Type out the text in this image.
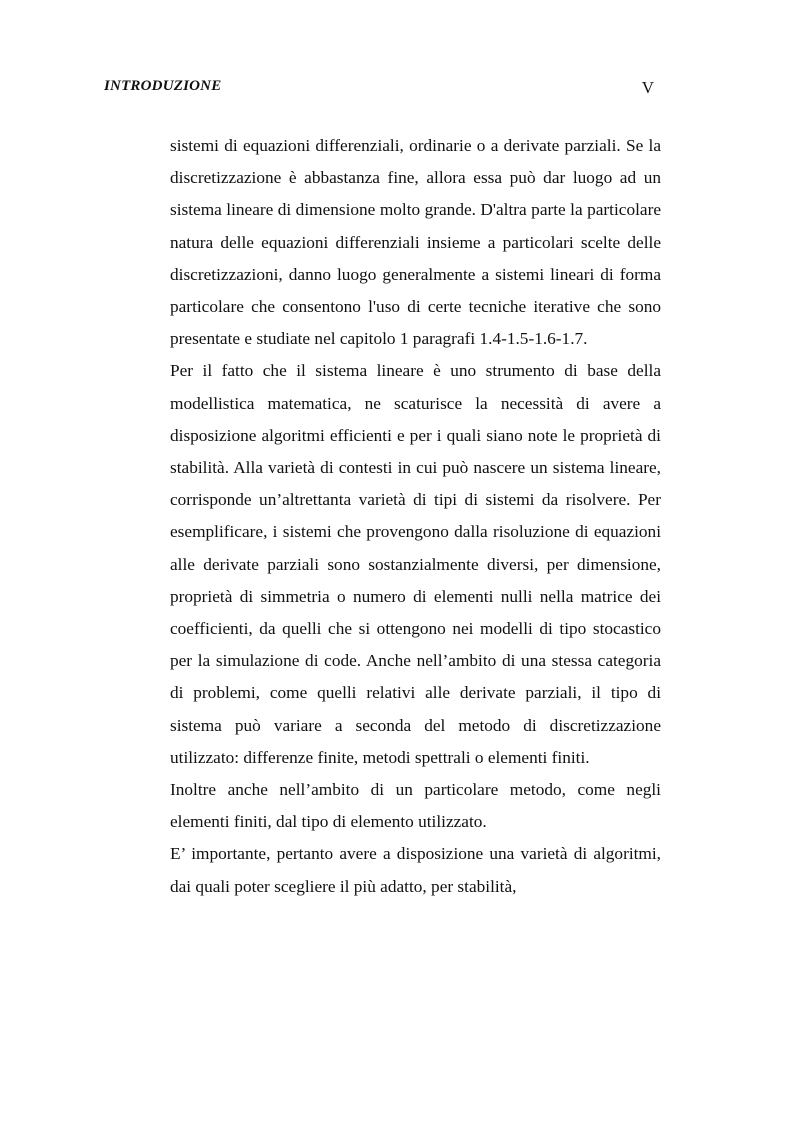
INTRODUZIONE	V

sistemi di equazioni differenziali, ordinarie o a derivate parziali. Se la discretizzazione è abbastanza fine, allora essa può dar luogo ad un sistema lineare di dimensione molto grande. D'altra parte la particolare natura delle equazioni differenziali insieme a particolari scelte delle discretizzazioni, danno luogo generalmente a sistemi lineari di forma particolare che consentono l'uso di certe tecniche iterative che sono presentate e studiate nel capitolo 1 paragrafi 1.4-1.5-1.6-1.7.

Per il fatto che il sistema lineare è uno strumento di base della modellistica matematica, ne scaturisce la necessità di avere a disposizione algoritmi efficienti e per i quali siano note le proprietà di stabilità. Alla varietà di contesti in cui può nascere un sistema lineare, corrisponde un’altrettanta varietà di tipi di sistemi da risolvere. Per esemplificare, i sistemi che provengono dalla risoluzione di equazioni alle derivate parziali sono sostanzialmente diversi, per dimensione, proprietà di simmetria o numero di elementi nulli nella matrice dei coefficienti, da quelli che si ottengono nei modelli di tipo stocastico per la simulazione di code. Anche nell’ambito di una stessa categoria di problemi, come quelli relativi alle derivate parziali, il tipo di sistema può variare a seconda del metodo di discretizzazione utilizzato: differenze finite, metodi spettrali o elementi finiti.

Inoltre anche nell’ambito di un particolare metodo, come negli elementi finiti, dal tipo di elemento utilizzato.

E’ importante, pertanto avere a disposizione una varietà di algoritmi, dai quali poter scegliere il più adatto, per stabilità,
